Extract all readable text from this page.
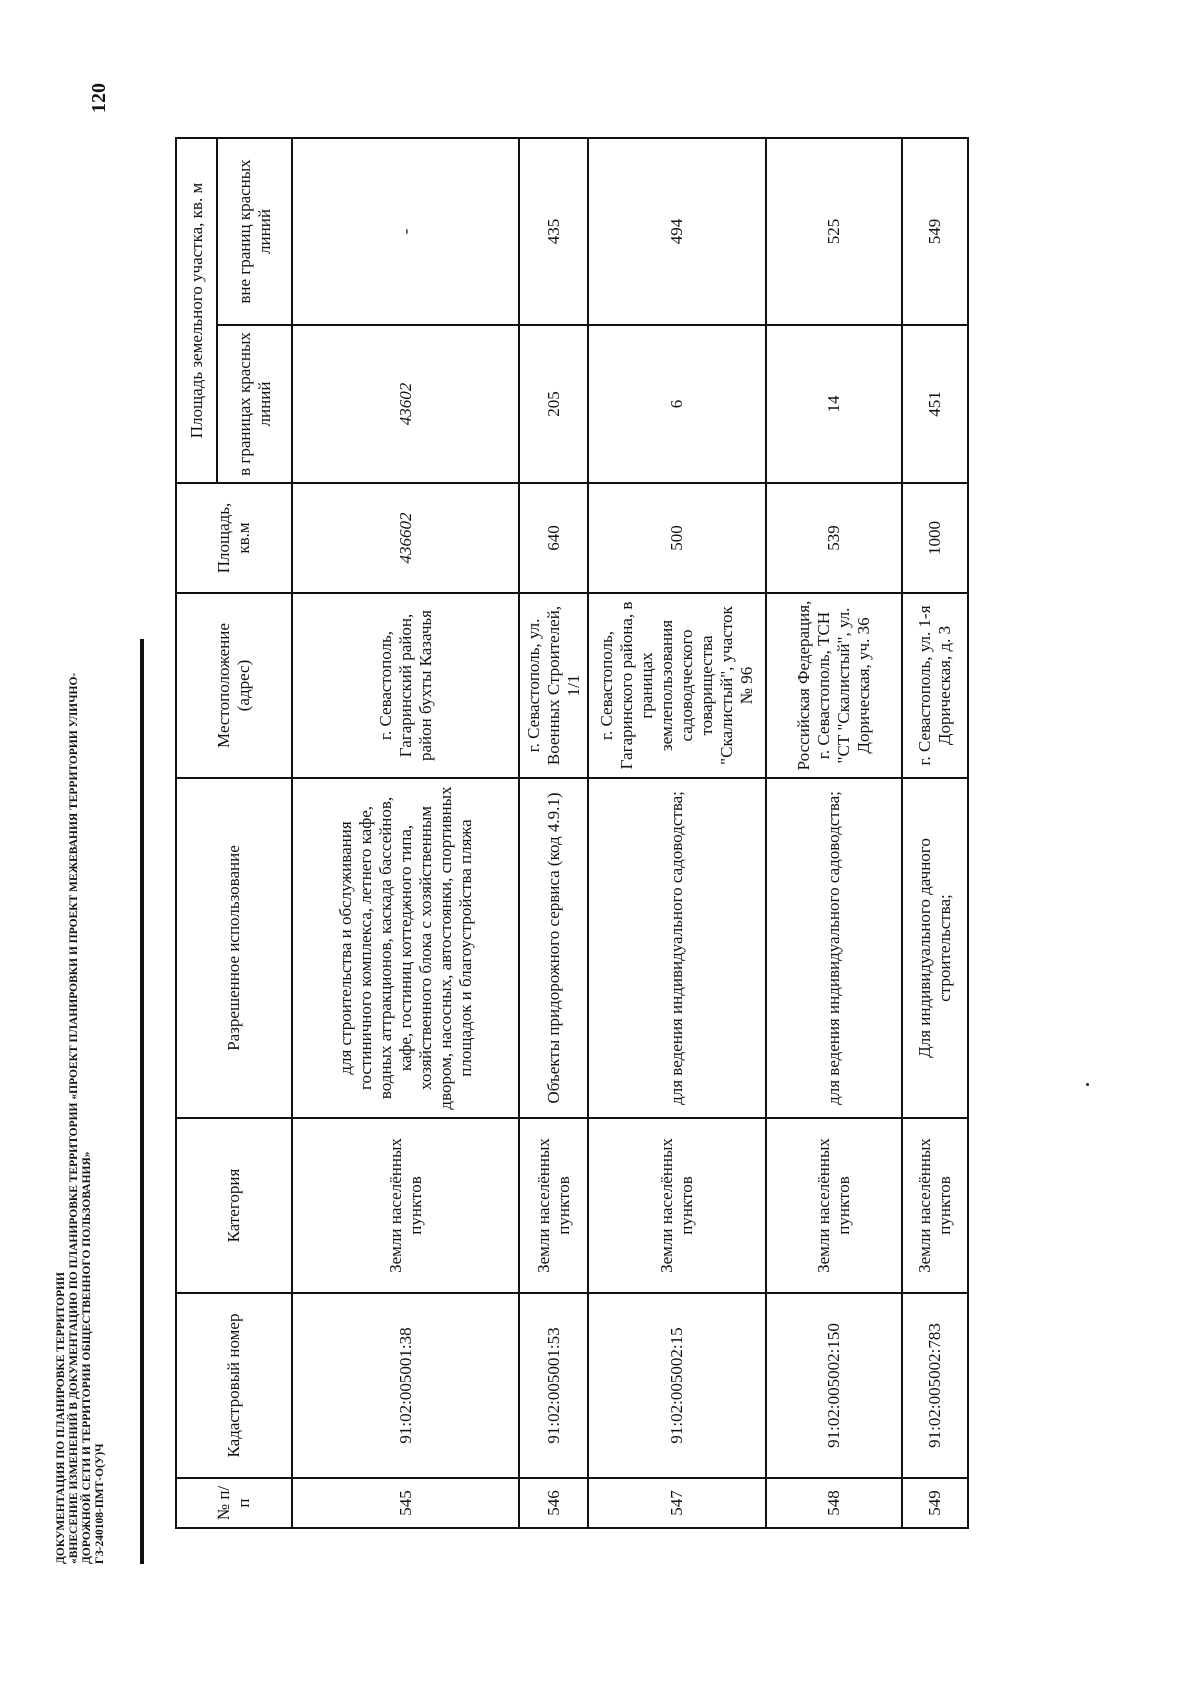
ДОКУМЕНТАЦИЯ ПО ПЛАНИРОВКЕ ТЕРРИТОРИИ «ВНЕСЕНИЕ ИЗМЕНЕНИЙ В ДОКУМЕНТАЦИЮ ПО ПЛАНИРОВКЕ ТЕРРИТОРИИ «ПРОЕКТ ПЛАНИРОВКИ И ПРОЕКТ МЕЖЕВАНИЯ ТЕРРИТОРИИ УЛИЧНО- ДОРОЖНОЙ СЕТИ И ТЕРРИТОРИИ ОБЩЕСТВЕННОГО ПОЛЬЗОВАНИЯ» ГЗ-240108-ПМТ-О(У)Ч
120
№ п/п	Кадастровый номер	Категория	Разрешенное использование	Местоположение (адрес)	Площадь, кв.м	Площадь земельного участка, кв. м	
						в границах красных линий	вне границ красных линий
545	91:02:005001:38	Земли населённых пунктов	для строительства и обслуживания гостиничного комплекса, летнего кафе, водных аттракционов, каскада бассейнов, кафе, гостиниц коттеджного типа, хозяйственного блока с хозяйственным двором, насосных, автостоянки, спортивных площадок и благоустройства пляжа	г. Севастополь, Гагаринский район, район бухты Казачья	436602	43602	-
546	91:02:005001:53	Земли населённых пунктов	Объекты придорожного сервиса (код 4.9.1)	г. Севастополь, ул. Военных Строителей, 1/1	640	205	435
547	91:02:005002:15	Земли населённых пунктов	для ведения индивидуального садоводства;	г. Севастополь, Гагаринского района, в границах землепользования садоводческого товарищества "Скалистый", участок № 96	500	6	494
548	91:02:005002:150	Земли населённых пунктов	для ведения индивидуального садоводства;	Российская Федерация, г. Севастополь, ТСН "СТ "Скалистый", ул. Дорическая, уч. 36	539	14	525
549	91:02:005002:783	Земли населённых пунктов	Для индивидуального дачного строительства;	г. Севастополь, ул. 1-я Дорическая, д. 3	1000	451	549
